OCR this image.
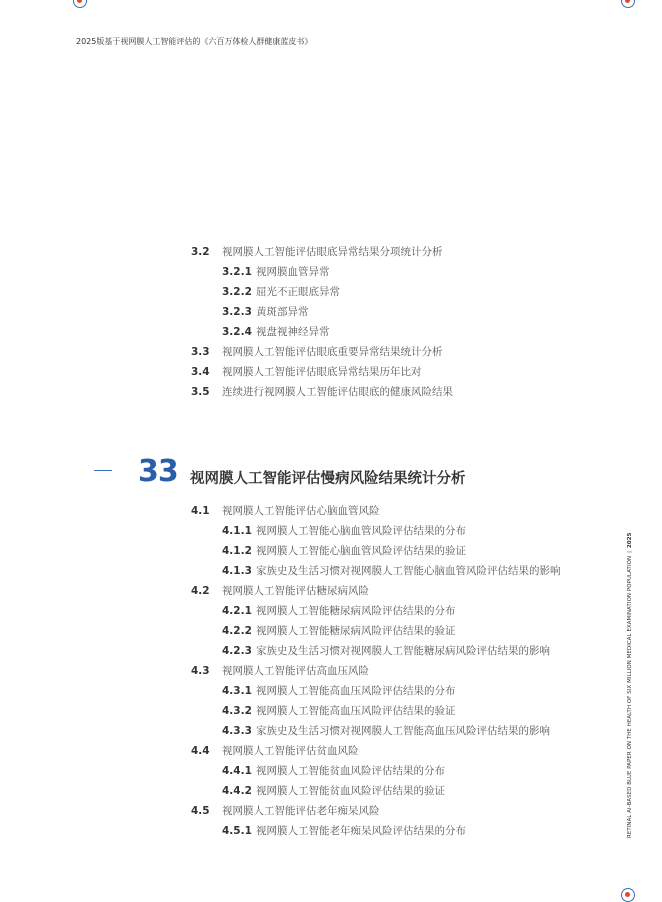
2025版基于视网膜人工智能评估的《六百万体检人群健康蓝皮书》
3.2 视网膜人工智能评估眼底异常结果分项统计分析
3.2.1 视网膜血管异常
3.2.2 屈光不正眼底异常
3.2.3 黄斑部异常
3.2.4 视盘视神经异常
3.3 视网膜人工智能评估眼底重要异常结果统计分析
3.4 视网膜人工智能评估眼底异常结果历年比对
3.5 连续进行视网膜人工智能评估眼底的健康风险结果
33 视网膜人工智能评估慢病风险结果统计分析
4.1 视网膜人工智能评估心脑血管风险
4.1.1 视网膜人工智能心脑血管风险评估结果的分布
4.1.2 视网膜人工智能心脑血管风险评估结果的验证
4.1.3 家族史及生活习惯对视网膜人工智能心脑血管风险评估结果的影响
4.2 视网膜人工智能评估糖尿病风险
4.2.1 视网膜人工智能糖尿病风险评估结果的分布
4.2.2 视网膜人工智能糖尿病风险评估结果的验证
4.2.3 家族史及生活习惯对视网膜人工智能糖尿病风险评估结果的影响
4.3 视网膜人工智能评估高血压风险
4.3.1 视网膜人工智能高血压风险评估结果的分布
4.3.2 视网膜人工智能高血压风险评估结果的验证
4.3.3 家族史及生活习惯对视网膜人工智能高血压风险评估结果的影响
4.4 视网膜人工智能评估贫血风险
4.4.1 视网膜人工智能贫血风险评估结果的分布
4.4.2 视网膜人工智能贫血风险评估结果的验证
4.5 视网膜人工智能评估老年痴呆风险
4.5.1 视网膜人工智能老年痴呆风险评估结果的分布	RETINAL AI-BASED BLUE PAPER ON THE HEALTH OF SIX MILLION MEDICAL EXAMINATION POPULATION|2025
